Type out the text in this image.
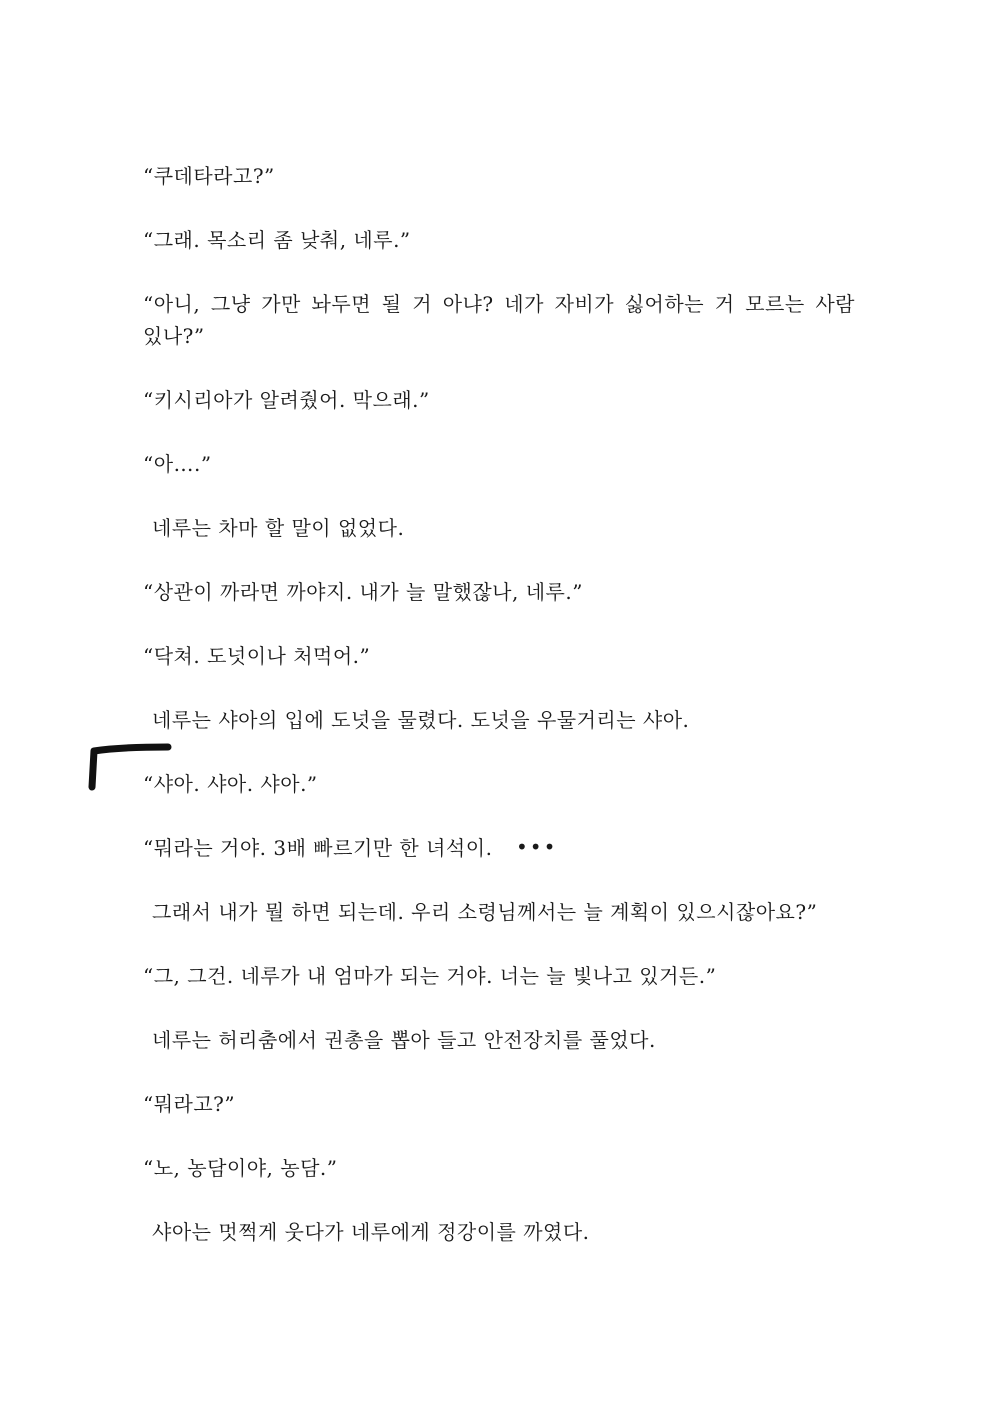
“쿠데타라고?”

“그래. 목소리 좀 낮춰, 네루.”

“아니, 그냥 가만 놔두면 될 거 아냐? 네가 자비가 싫어하는 거 모르는 사람 있나?”

“키시리아가 알려줬어. 막으래.”

“아….”

네루는 차마 할 말이 없었다.

“상관이 까라면 까야지. 내가 늘 말했잖나, 네루.”

“닥쳐. 도넛이나 처먹어.”

네루는 샤아의 입에 도넛을 물렸다. 도넛을 우물거리는 샤아.

“샤아. 샤아. 샤아.”

“뭐라는 거야. 3배 빠르기만 한 녀석이.	•••

그래서 내가 뭘 하면 되는데. 우리 소령님께서는 늘 계획이 있으시잖아요?”

“그, 그건. 네루가 내 엄마가 되는 거야. 너는 늘 빛나고 있거든.”

네루는 허리춤에서 권총을 뽑아 들고 안전장치를 풀었다.

“뭐라고?”

“노, 농담이야, 농담.”

샤아는 멋쩍게 웃다가 네루에게 정강이를 까였다.
